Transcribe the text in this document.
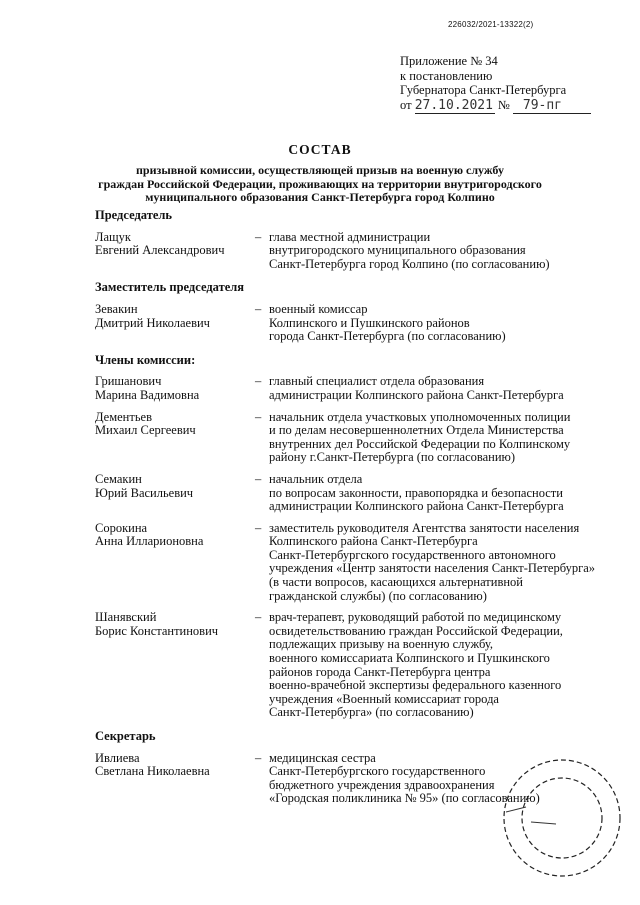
226032/2021-13322(2)
Приложение № 34
к постановлению
Губернатора Санкт-Петербурга
от 27.10.2021 № 79-пг
СОСТАВ
призывной комиссии, осуществляющей призыв на военную службу
граждан Российской Федерации, проживающих на территории внутригородского
муниципального образования Санкт-Петербурга город Колпино
Председатель
Лащук
Евгений Александрович
– глава местной администрации
внутригородского муниципального образования
Санкт-Петербурга город Колпино (по согласованию)
Заместитель председателя
Зевакин
Дмитрий Николаевич
– военный комиссар
Колпинского и Пушкинского районов
города Санкт-Петербурга (по согласованию)
Члены комиссии:
Гришанович
Марина Вадимовна
– главный специалист отдела образования
администрации Колпинского района Санкт-Петербурга
Дементьев
Михаил Сергеевич
– начальник отдела участковых уполномоченных полиции
и по делам несовершеннолетних Отдела Министерства
внутренних дел Российской Федерации по Колпинскому
району г.Санкт-Петербурга (по согласованию)
Семакин
Юрий Васильевич
– начальник отдела
по вопросам законности, правопорядка и безопасности
администрации Колпинского района Санкт-Петербурга
Сорокина
Анна Илларионовна
– заместитель руководителя Агентства занятости населения
Колпинского района Санкт-Петербурга
Санкт-Петербургского государственного автономного
учреждения «Центр занятости населения Санкт-Петербурга»
(в части вопросов, касающихся альтернативной
гражданской службы) (по согласованию)
Шанявский
Борис Константинович
– врач-терапевт, руководящий работой по медицинскому
освидетельствованию граждан Российской Федерации,
подлежащих призыву на военную службу,
военного комиссариата Колпинского и Пушкинского
районов города Санкт-Петербурга центра
военно-врачебной экспертизы федерального казенного
учреждения «Военный комиссариат города
Санкт-Петербурга» (по согласованию)
Секретарь
Ивлиева
Светлана Николаевна
– медицинская сестра
Санкт-Петербургского государственного
бюджетного учреждения здравоохранения
«Городская поликлиника № 95» (по согласованию)
